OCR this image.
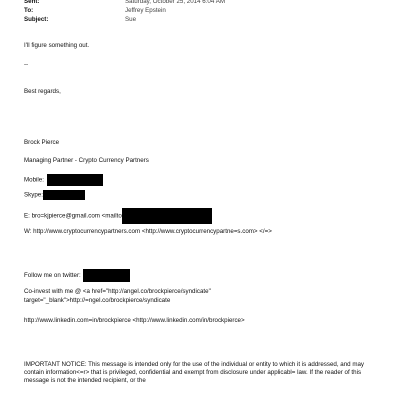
Sent:	Saturday, October 25, 2014 6:04 AM
To:	Jeffrey Epstein
Subject:	Sue
I'll figure something out.
--
Best regards,
Brock Pierce
Managing Partner - Crypto Currency Partners
Mobile:
Skype:
E: bro=kjpierce@gmail.com <mailto
W: http://www.cryptocurrencypartners.com <http://www.cryptocurrencypartne=s.com> </=>
Follow me on twitter:
Co-invest with me @ <a href="http://angel.co/brockpierce/syndicate"
target="_blank">http://=ngel.co/brockpierce/syndicate
http://www.linkedin.com=in/brockpierce <http://www.linkedin.com/in/brockpierce>
IMPORTANT NOTICE: This message is intended only for the use of the individual or entity to which it is addressed, and may contain information<=r> that is privileged, confidential and exempt from disclosure under applicabl= law. If the reader of this message is not the intended recipient, or the
